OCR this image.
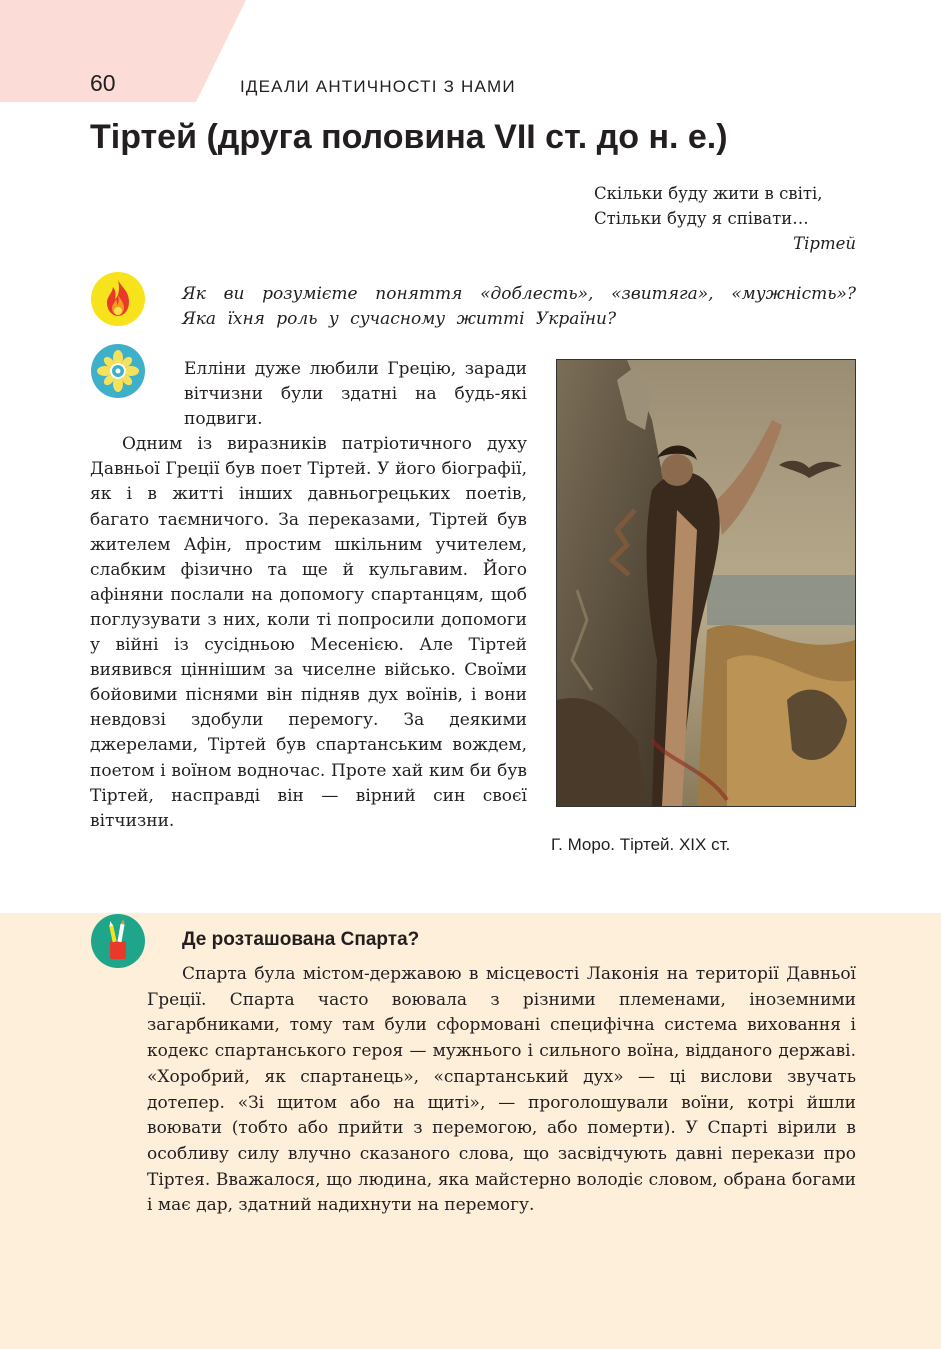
60	ІДЕАЛИ АНТИЧНОСТІ З НАМИ
Тіртей (друга половина VII ст. до н. е.)
Скільки буду жити в світі,
Стільки буду я співати…
Тіртей
Як ви розумієте поняття «доблесть», «звитяга», «мужність»? Яка їхня роль у сучасному житті України?

Елліни дуже любили Грецію, заради вітчизни були здатні на будь-які подвиги.

Одним із виразників патріотичного духу Давньої Греції був поет Тіртей. У його біографії, як і в житті інших давньогрецьких поетів, багато таємничого. За переказами, Тіртей був жителем Афін, простим шкільним учителем, слабким фізично та ще й кульгавим. Його афіняни послали на допомогу спартанцям, щоб поглузувати з них, коли ті попросили допомоги у війні із сусідньою Месенією. Але Тіртей виявився ціннішим за чиселне військо. Своїми бойовими піснями він підняв дух воїнів, і вони невдовзі здобули перемогу. За деякими джерелами, Тіртей був спартанським вождем, поетом і воїном водночас. Проте хай ким би був Тіртей, насправді він — вірний син своєї вітчизни.

Г. Моро. Тіртей. XIX ст.
Де розташована Спарта?

Спарта була містом-державою в місцевості Лаконія на території Давньої Греції. Спарта часто воювала з різними племенами, іноземними загарбниками, тому там були сформовані специфічна система виховання і кодекс спартанського героя — мужнього і сильного воїна, відданого державі. «Хоробрий, як спартанець», «спартанський дух» — ці вислови звучать дотепер. «Зі щитом або на щиті», — проголошували воїни, котрі йшли воювати (тобто або прийти з перемогою, або померти). У Спарті вірили в особливу силу влучно сказаного слова, що засвідчують давні перекази про Тіртея. Вважалося, що людина, яка майстерно володіє словом, обрана богами і має дар, здатний надихнути на перемогу.
